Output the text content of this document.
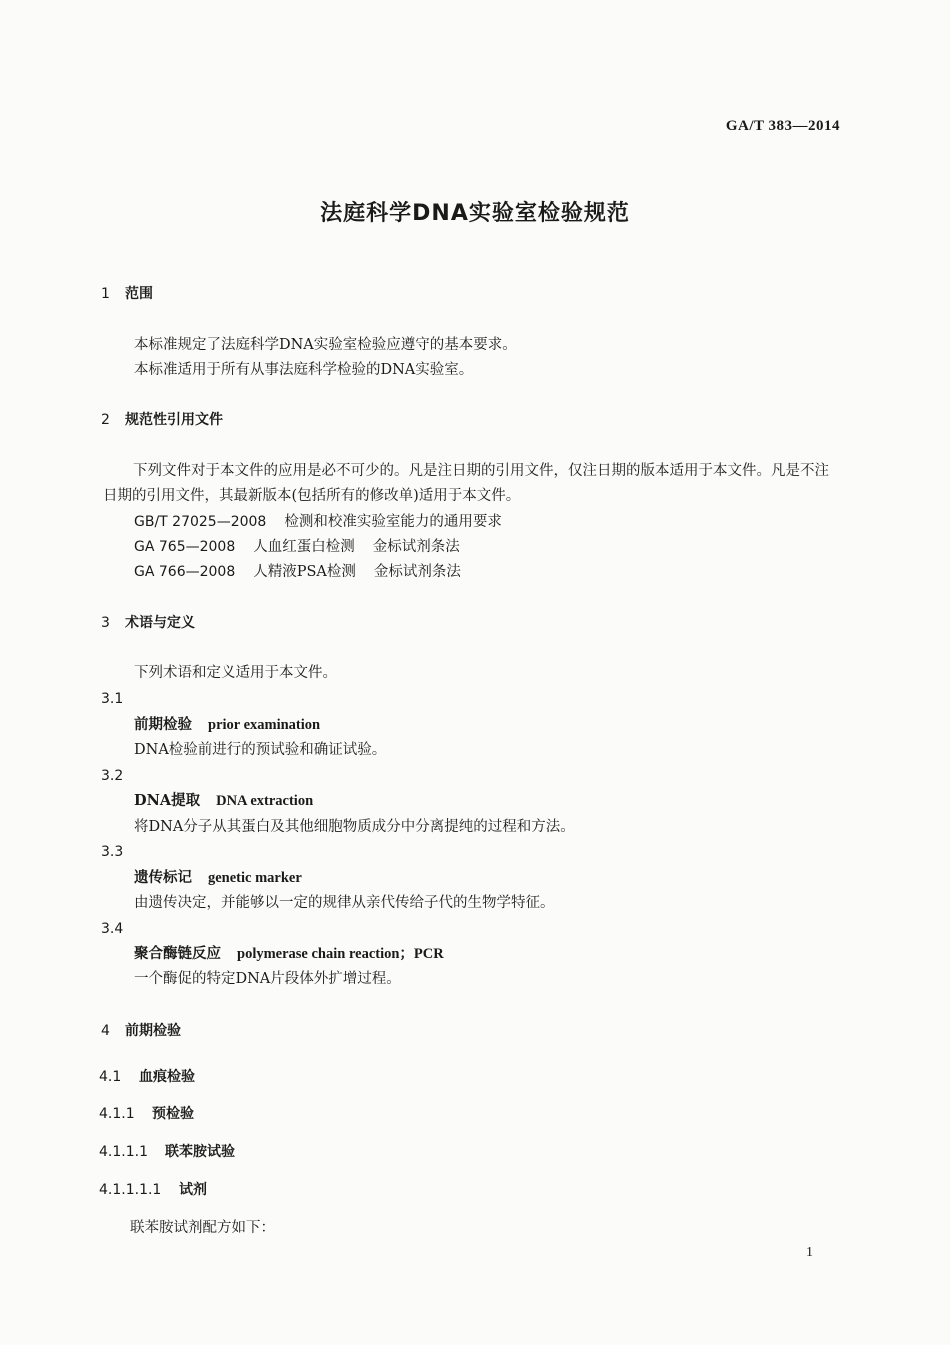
GA/T 383—2014
法庭科学DNA实验室检验规范
1 范围
本标准规定了法庭科学DNA实验室检验应遵守的基本要求。
本标准适用于所有从事法庭科学检验的DNA实验室。
2 规范性引用文件
下列文件对于本文件的应用是必不可少的。凡是注日期的引用文件，仅注日期的版本适用于本文件。凡是不注日期的引用文件，其最新版本(包括所有的修改单)适用于本文件。
GB/T 27025—2008 检测和校准实验室能力的通用要求
GA 765—2008 人血红蛋白检测 金标试剂条法
GA 766—2008 人精液PSA检测 金标试剂条法
3 术语与定义
下列术语和定义适用于本文件。
3.1
前期检验 prior examination
DNA检验前进行的预试验和确证试验。
3.2
DNA提取 DNA extraction
将DNA分子从其蛋白及其他细胞物质成分中分离提纯的过程和方法。
3.3
遗传标记 genetic marker
由遗传决定，并能够以一定的规律从亲代传给子代的生物学特征。
3.4
聚合酶链反应 polymerase chain reaction；PCR
一个酶促的特定DNA片段体外扩增过程。
4 前期检验
4.1 血痕检验
4.1.1 预检验
4.1.1.1 联苯胺试验
4.1.1.1.1 试剂
联苯胺试剂配方如下：
1
